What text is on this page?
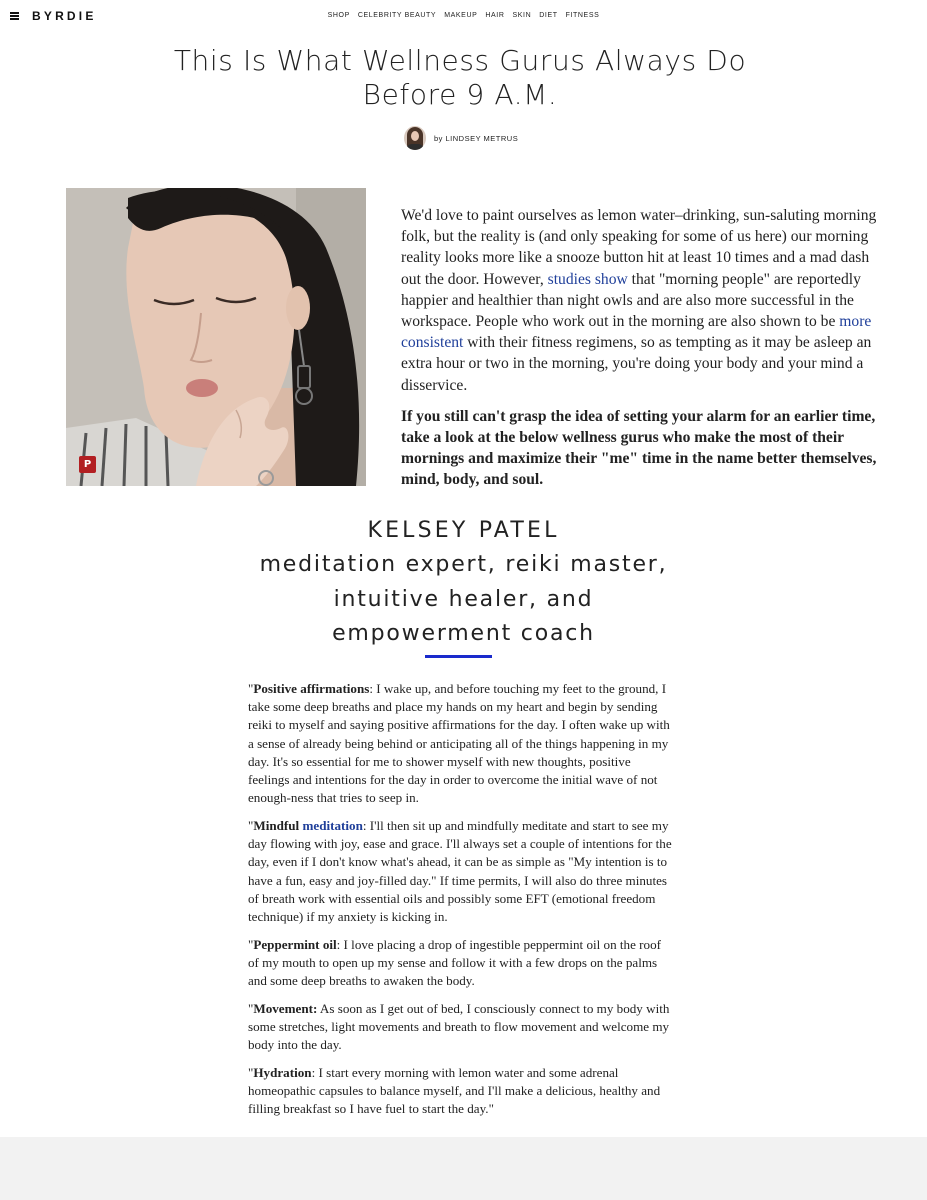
BYRDIE	SHOP CELEBRITY BEAUTY MAKEUP HAIR SKIN DIET FITNESS
This Is What Wellness Gurus Always Do Before 9 A.M.
by LINDSEY METRUS
P

We'd love to paint ourselves as lemon water–drinking, sun-saluting morning folk, but the reality is (and only speaking for some of us here) our morning reality looks more like a snooze button hit at least 10 times and a mad dash out the door. However, studies show that "morning people" are reportedly happier and healthier than night owls and are also more successful in the workspace. People who work out in the morning are also shown to be more consistent with their fitness regimens, so as tempting as it may be asleep an extra hour or two in the morning, you're doing your body and your mind a disservice.

If you still can't grasp the idea of setting your alarm for an earlier time, take a look at the below wellness gurus who make the most of their mornings and maximize their "me" time in the name better themselves, mind, body, and soul.

KELSEY PATEL
meditation expert, reiki master,
intuitive healer, and
empowerment coach

"Positive affirmations: I wake up, and before touching my feet to the ground, I take some deep breaths and place my hands on my heart and begin by sending reiki to myself and saying positive affirmations for the day. I often wake up with a sense of already being behind or anticipating all of the things happening in my day. It's so essential for me to shower myself with new thoughts, positive feelings and intentions for the day in order to overcome the initial wave of not enough-ness that tries to seep in.

"Mindful meditation: I'll then sit up and mindfully meditate and start to see my day flowing with joy, ease and grace. I'll always set a couple of intentions for the day, even if I don't know what's ahead, it can be as simple as "My intention is to have a fun, easy and joy-filled day." If time permits, I will also do three minutes of breath work with essential oils and possibly some EFT (emotional freedom technique) if my anxiety is kicking in.

"Peppermint oil: I love placing a drop of ingestible peppermint oil on the roof of my mouth to open up my sense and follow it with a few drops on the palms and some deep breaths to awaken the body.

"Movement: As soon as I get out of bed, I consciously connect to my body with some stretches, light movements and breath to flow movement and welcome my body into the day.

"Hydration: I start every morning with lemon water and some adrenal homeopathic capsules to balance myself, and I'll make a delicious, healthy and filling breakfast so I have fuel to start the day."
